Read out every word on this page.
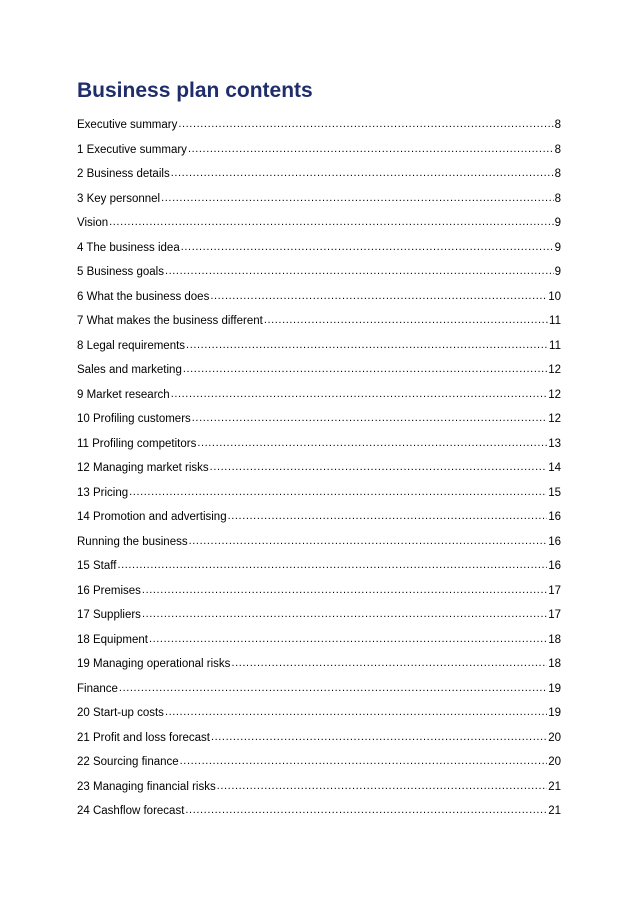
Business plan contents
Executive summary .....	8
1 Executive summary .....	8
2 Business details .....	8
3 Key personnel .....	8
Vision .....	9
4 The business idea .....	9
5 Business goals .....	9
6 What the business does .....	10
7 What makes the business different .....	11
8 Legal requirements .....	11
Sales and marketing .....	12
9 Market research .....	12
10 Profiling customers .....	12
11 Profiling competitors .....	13
12 Managing market risks .....	14
13 Pricing .....	15
14 Promotion and advertising .....	16
Running the business .....	16
15 Staff .....	16
16 Premises .....	17
17 Suppliers .....	17
18 Equipment .....	18
19 Managing operational risks .....	18
Finance .....	19
20 Start-up costs .....	19
21 Profit and loss forecast .....	20
22 Sourcing finance .....	20
23 Managing financial risks .....	21
24 Cashflow forecast .....	21
